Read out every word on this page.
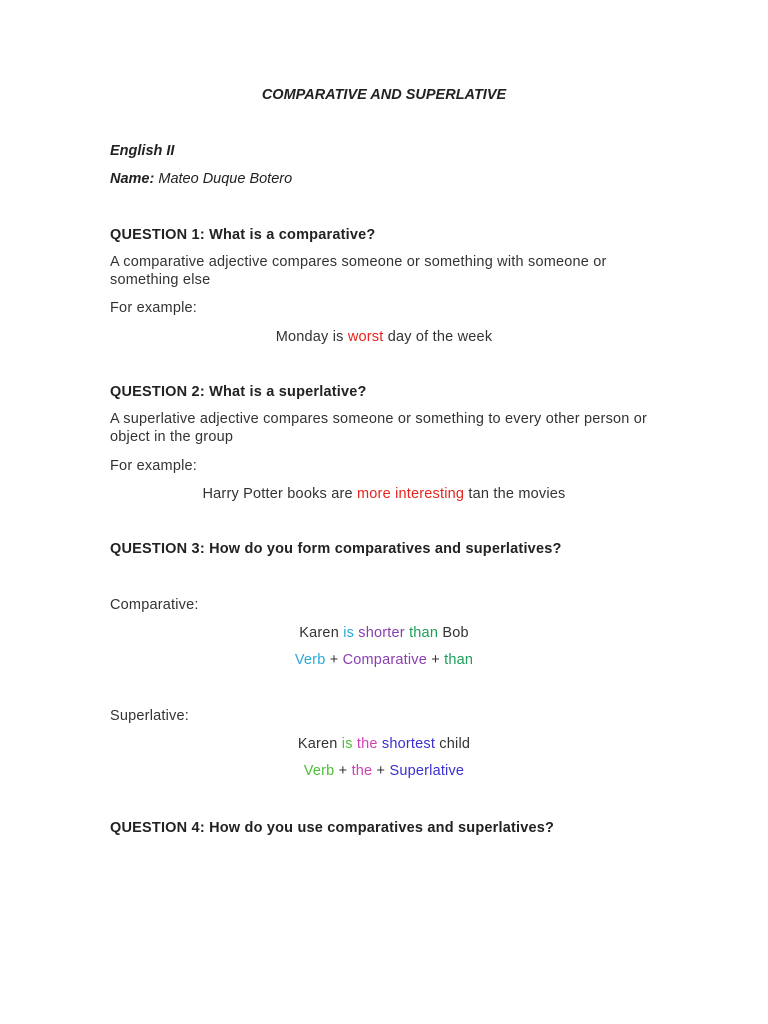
COMPARATIVE AND SUPERLATIVE
English II
Name: Mateo Duque Botero
QUESTION 1: What is a comparative?
A comparative adjective compares someone or something with someone or something else
For example:
Monday is worst day of the week
QUESTION 2: What is a superlative?
A superlative adjective compares someone or something to every other person or object in the group
For example:
Harry Potter books are more interesting tan the movies
QUESTION 3: How do you form comparatives and superlatives?
Comparative:
Karen is shorter than Bob
Verb + Comparative + than
Superlative:
Karen is the shortest child
Verb + the + Superlative
QUESTION 4: How do you use comparatives and superlatives?
